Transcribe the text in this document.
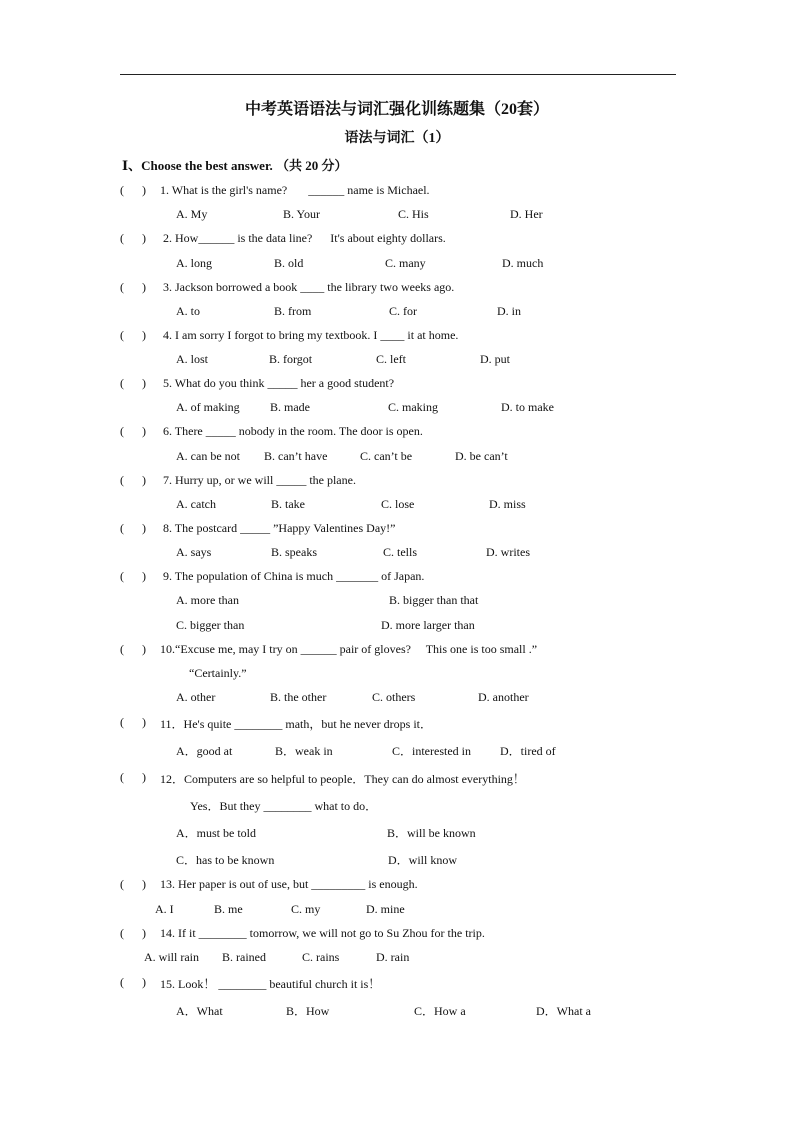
中考英语语法与词汇强化训练题集（20套）
语法与词汇（1）
Ⅰ、Choose the best answer. （共 20 分）
(      ) 1. What is the girl's name?       ______ name is Michael.
A. My	B. Your	C. His	D. Her
(      ) 2. How______ is the data line?      It's about eighty dollars.
A. long	B. old	C. many	D. much
(      ) 3. Jackson borrowed a book ____ the library two weeks ago.
A. to	B. from	C. for	D. in
(      ) 4. I am sorry I forgot to bring my textbook. I ____ it at home.
A. lost	B. forgot	C. left	D. put
(      ) 5. What do you think _____ her a good student?
A. of making	B. made	C. making	D. to make
(      ) 6. There _____ nobody in the room. The door is open.
A. can be not B. can’t have	C. can’t be	D. be can’t
(      ) 7. Hurry up, or we will _____ the plane.
A. catch	B. take	C. lose	D. miss
(      ) 8. The postcard _____ ”Happy Valentines Day!”
A. says	B. speaks	C. tells	D. writes
(      ) 9. The population of China is much _______ of Japan.
A. more than	B. bigger than that
C. bigger than	D. more larger than
(      ) 10.“Excuse me, may I try on ______ pair of gloves?     This one is too small .”
“Certainly.”
A. other	B. the other	C. others	D. another
(      ) 11．He's quite ________ math，but he never drops it．
A．good at	B．weak in	C．interested in D．tired of
(      ) 12．Computers are so helpful to people．They can do almost everything！
Yes．But they ________ what to do．
A．must be told	B．will be known
C．has to be known	D．will know
(      ) 13. Her paper is out of use, but _________ is enough.
A. I	B. me	C. my	D. mine
(      ) 14. If it ________ tomorrow, we will not go to Su Zhou for the trip.
A. will rain B. rained	C. rains	D. rain
(      ) 15. Look！ ________ beautiful church it is！
A．What	B．How	C．How a	D．What a
